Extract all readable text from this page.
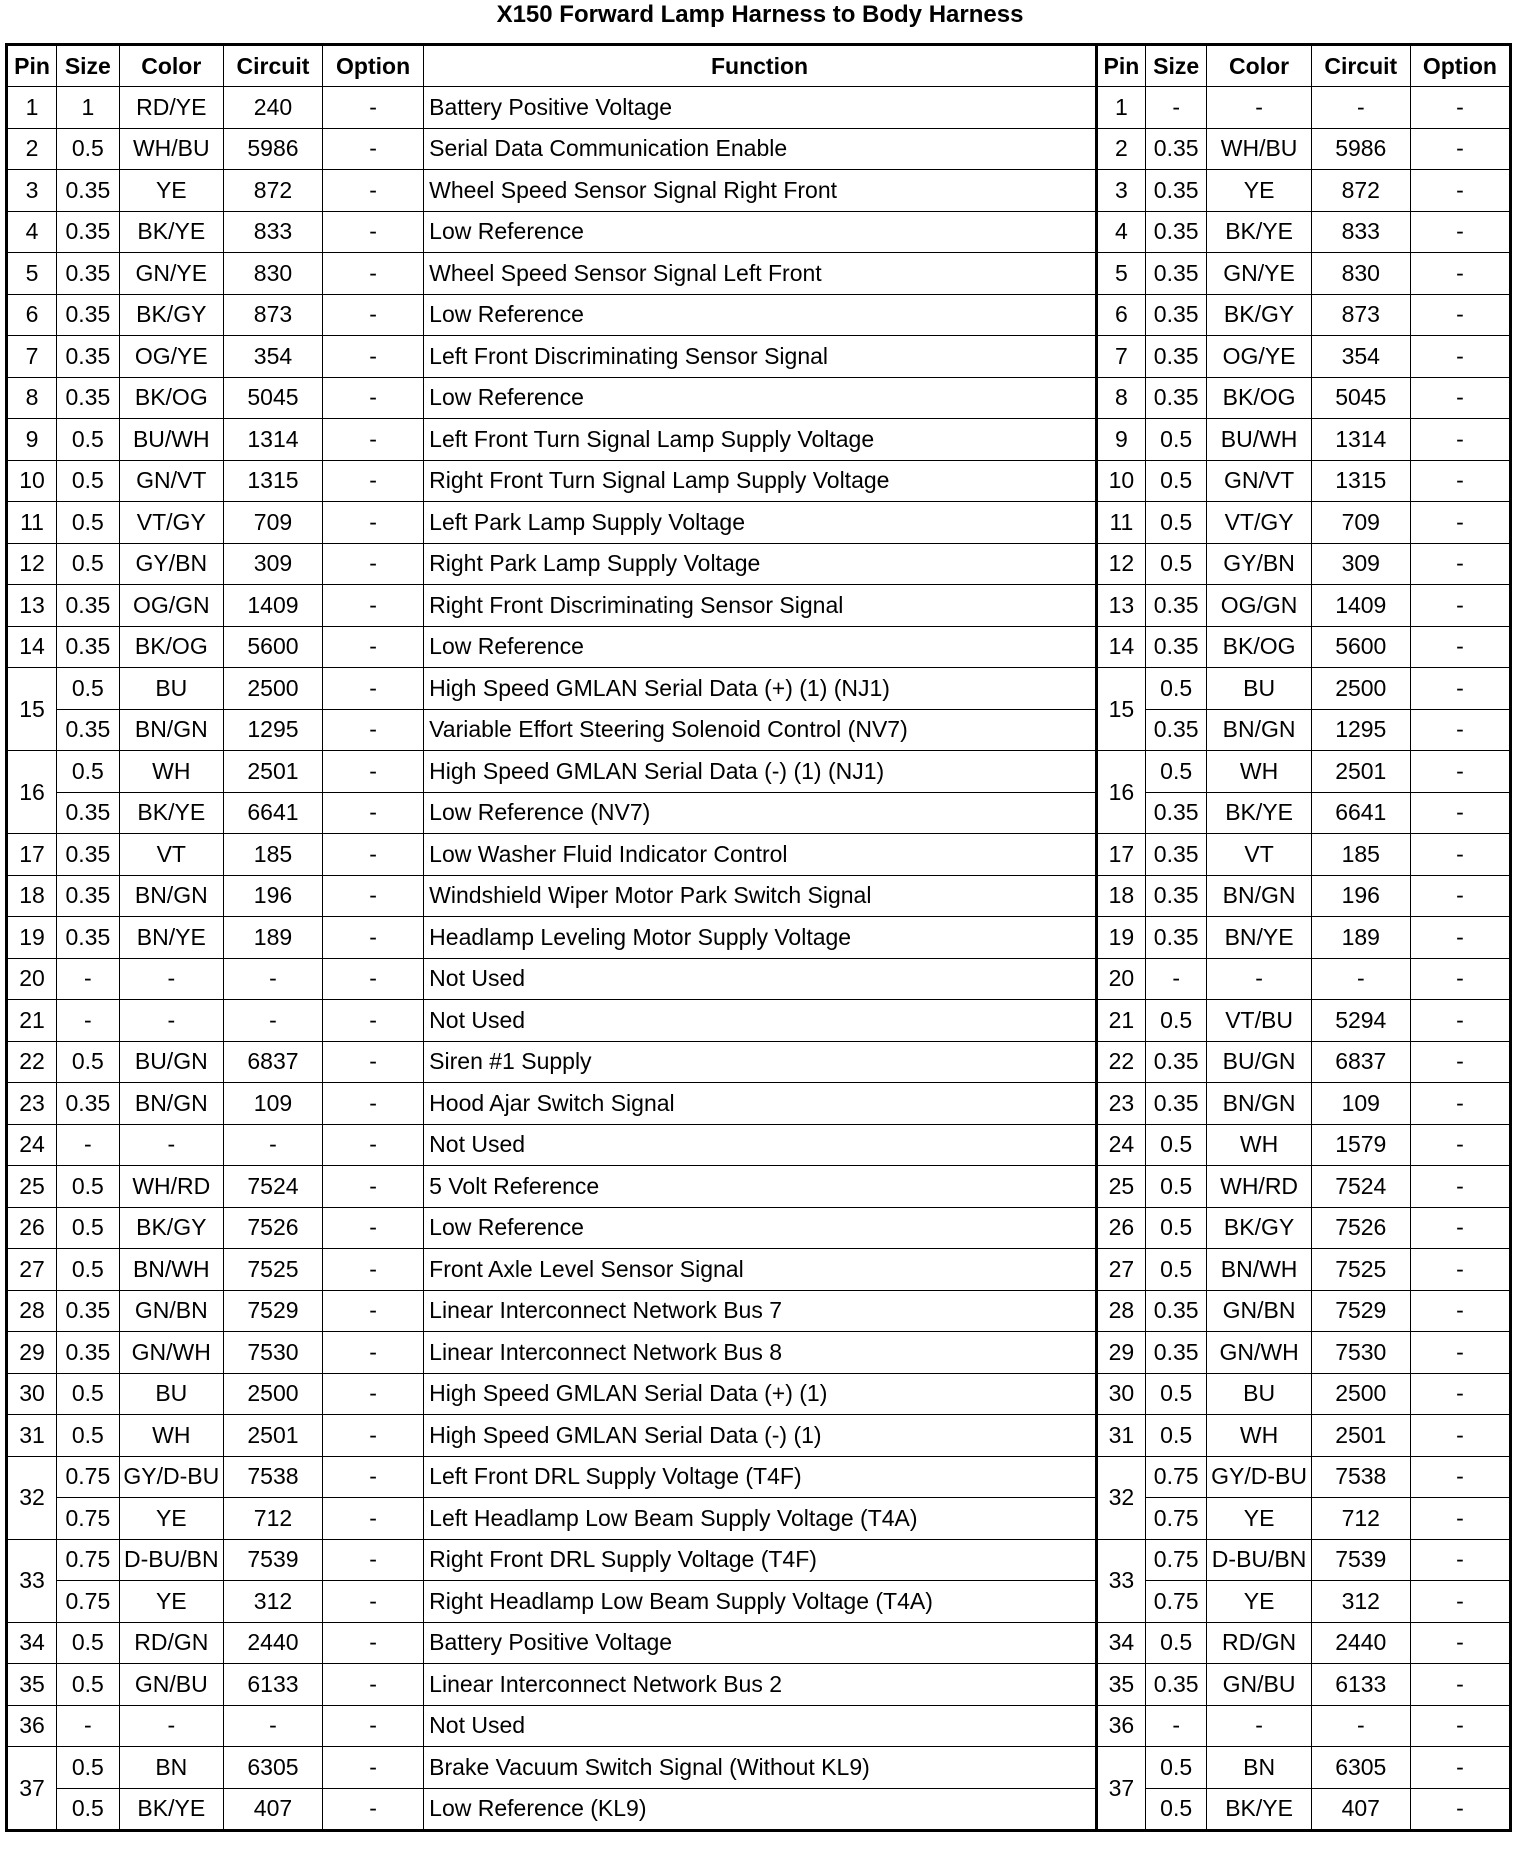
X150 Forward Lamp Harness to Body Harness
Pin	Size	Color	Circuit	Option	Function	Pin	Size	Color	Circuit	Option
1	1	RD/YE	240	-	Battery Positive Voltage	1	-	-	-	-
2	0.5	WH/BU	5986	-	Serial Data Communication Enable	2	0.35	WH/BU	5986	-
3	0.35	YE	872	-	Wheel Speed Sensor Signal Right Front	3	0.35	YE	872	-
4	0.35	BK/YE	833	-	Low Reference	4	0.35	BK/YE	833	-
5	0.35	GN/YE	830	-	Wheel Speed Sensor Signal Left Front	5	0.35	GN/YE	830	-
6	0.35	BK/GY	873	-	Low Reference	6	0.35	BK/GY	873	-
7	0.35	OG/YE	354	-	Left Front Discriminating Sensor Signal	7	0.35	OG/YE	354	-
8	0.35	BK/OG	5045	-	Low Reference	8	0.35	BK/OG	5045	-
9	0.5	BU/WH	1314	-	Left Front Turn Signal Lamp Supply Voltage	9	0.5	BU/WH	1314	-
10	0.5	GN/VT	1315	-	Right Front Turn Signal Lamp Supply Voltage	10	0.5	GN/VT	1315	-
11	0.5	VT/GY	709	-	Left Park Lamp Supply Voltage	11	0.5	VT/GY	709	-
12	0.5	GY/BN	309	-	Right Park Lamp Supply Voltage	12	0.5	GY/BN	309	-
13	0.35	OG/GN	1409	-	Right Front Discriminating Sensor Signal	13	0.35	OG/GN	1409	-
14	0.35	BK/OG	5600	-	Low Reference	14	0.35	BK/OG	5600	-
15	0.5	BU	2500	-	High Speed GMLAN Serial Data (+) (1) (NJ1)	15	0.5	BU	2500	-
	0.35	BN/GN	1295	-	Variable Effort Steering Solenoid Control (NV7)		0.35	BN/GN	1295	-
16	0.5	WH	2501	-	High Speed GMLAN Serial Data (-) (1) (NJ1)	16	0.5	WH	2501	-
	0.35	BK/YE	6641	-	Low Reference (NV7)		0.35	BK/YE	6641	-
17	0.35	VT	185	-	Low Washer Fluid Indicator Control	17	0.35	VT	185	-
18	0.35	BN/GN	196	-	Windshield Wiper Motor Park Switch Signal	18	0.35	BN/GN	196	-
19	0.35	BN/YE	189	-	Headlamp Leveling Motor Supply Voltage	19	0.35	BN/YE	189	-
20	-	-	-	-	Not Used	20	-	-	-	-
21	-	-	-	-	Not Used	21	0.5	VT/BU	5294	-
22	0.5	BU/GN	6837	-	Siren #1 Supply	22	0.35	BU/GN	6837	-
23	0.35	BN/GN	109	-	Hood Ajar Switch Signal	23	0.35	BN/GN	109	-
24	-	-	-	-	Not Used	24	0.5	WH	1579	-
25	0.5	WH/RD	7524	-	5 Volt Reference	25	0.5	WH/RD	7524	-
26	0.5	BK/GY	7526	-	Low Reference	26	0.5	BK/GY	7526	-
27	0.5	BN/WH	7525	-	Front Axle Level Sensor Signal	27	0.5	BN/WH	7525	-
28	0.35	GN/BN	7529	-	Linear Interconnect Network Bus 7	28	0.35	GN/BN	7529	-
29	0.35	GN/WH	7530	-	Linear Interconnect Network Bus 8	29	0.35	GN/WH	7530	-
30	0.5	BU	2500	-	High Speed GMLAN Serial Data (+) (1)	30	0.5	BU	2500	-
31	0.5	WH	2501	-	High Speed GMLAN Serial Data (-) (1)	31	0.5	WH	2501	-
32	0.75	GY/D-BU	7538	-	Left Front DRL Supply Voltage (T4F)	32	0.75	GY/D-BU	7538	-
	0.75	YE	712	-	Left Headlamp Low Beam Supply Voltage (T4A)		0.75	YE	712	-
33	0.75	D-BU/BN	7539	-	Right Front DRL Supply Voltage (T4F)	33	0.75	D-BU/BN	7539	-
	0.75	YE	312	-	Right Headlamp Low Beam Supply Voltage (T4A)		0.75	YE	312	-
34	0.5	RD/GN	2440	-	Battery Positive Voltage	34	0.5	RD/GN	2440	-
35	0.5	GN/BU	6133	-	Linear Interconnect Network Bus 2	35	0.35	GN/BU	6133	-
36	-	-	-	-	Not Used	36	-	-	-	-
37	0.5	BN	6305	-	Brake Vacuum Switch Signal (Without KL9)	37	0.5	BN	6305	-
	0.5	BK/YE	407	-	Low Reference (KL9)		0.5	BK/YE	407	-
